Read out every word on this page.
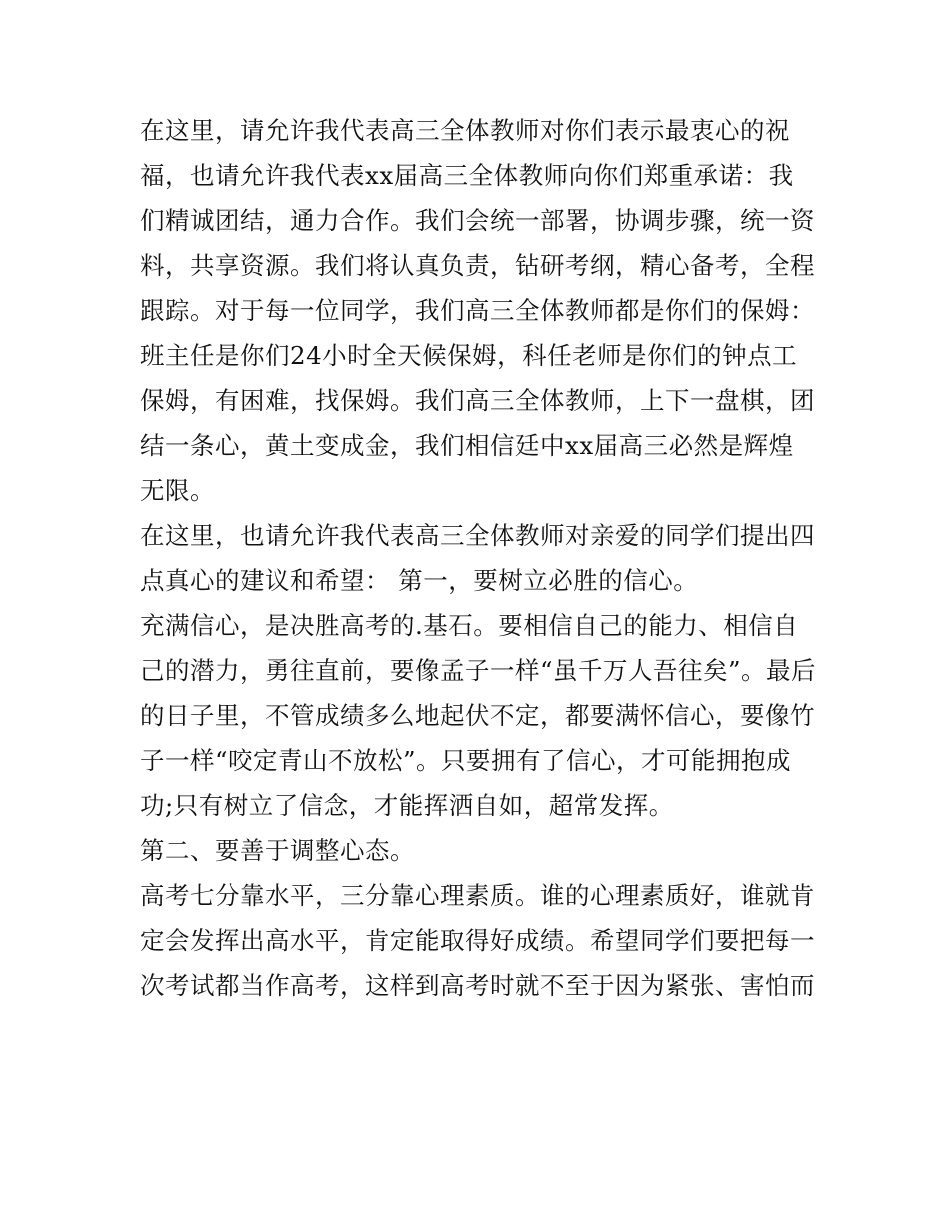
在这里，请允许我代表高三全体教师对你们表示最衷心的祝
福，也请允许我代表xx届高三全体教师向你们郑重承诺：我
们精诚团结，通力合作。我们会统一部署，协调步骤，统一资
料，共享资源。我们将认真负责，钻研考纲，精心备考，全程
跟踪。对于每一位同学，我们高三全体教师都是你们的保姆：
班主任是你们24小时全天候保姆，科任老师是你们的钟点工
保姆，有困难，找保姆。我们高三全体教师，上下一盘棋，团
结一条心，黄土变成金，我们相信廷中xx届高三必然是辉煌
无限。
在这里，也请允许我代表高三全体教师对亲爱的同学们提出四
点真心的建议和希望： 第一，要树立必胜的信心。
充满信心，是决胜高考的.基石。要相信自己的能力、相信自
己的潜力，勇往直前，要像孟子一样“虽千万人吾往矣”。最后
的日子里，不管成绩多么地起伏不定，都要满怀信心，要像竹
子一样“咬定青山不放松”。只要拥有了信心，才可能拥抱成
功;只有树立了信念，才能挥洒自如，超常发挥。
第二、要善于调整心态。
高考七分靠水平，三分靠心理素质。谁的心理素质好，谁就肯
定会发挥出高水平，肯定能取得好成绩。希望同学们要把每一
次考试都当作高考，这样到高考时就不至于因为紧张、害怕而
